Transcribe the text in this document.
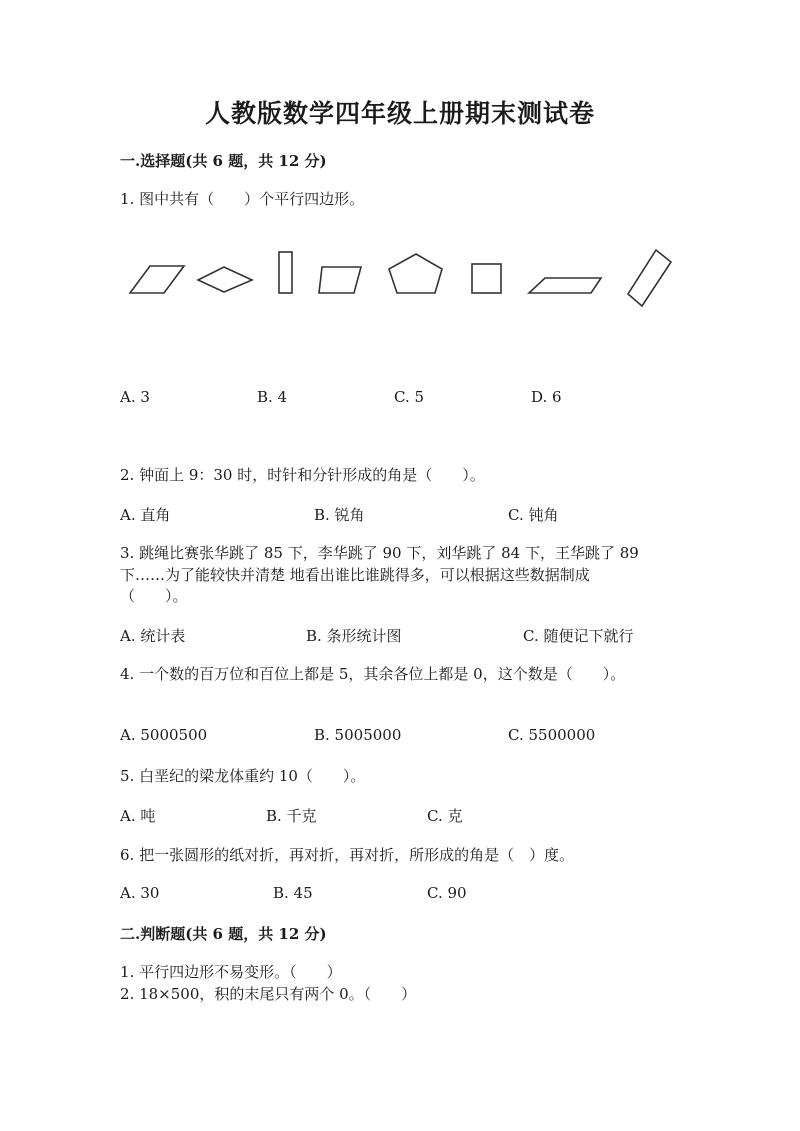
人教版数学四年级上册期末测试卷
一.选择题(共 6 题，共 12 分)
1. 图中共有（　　）个平行四边形。
A. 3	B. 4	C. 5	D. 6
2. 钟面上 9：30 时，时针和分针形成的角是（　　）。
A. 直角	B. 锐角	C. 钝角
3. 跳绳比赛张华跳了 85 下，李华跳了 90 下，刘华跳了 84 下，王华跳了 89
下……为了能较快并清楚 地看出谁比谁跳得多，可以根据这些数据制成
（　　）。
A. 统计表	B. 条形统计图	C. 随便记下就行
4. 一个数的百万位和百位上都是 5，其余各位上都是 0，这个数是（　　）。
A. 5000500	B. 5005000	C. 5500000
5. 白垩纪的梁龙体重约 10（　　）。
A. 吨	B. 千克	C. 克
6. 把一张圆形的纸对折，再对折，再对折，所形成的角是（　）度。
A. 30	B. 45	C. 90
二.判断题(共 6 题，共 12 分)
1. 平行四边形不易变形。（　　）
2. 18×500，积的末尾只有两个 0。（　　）
